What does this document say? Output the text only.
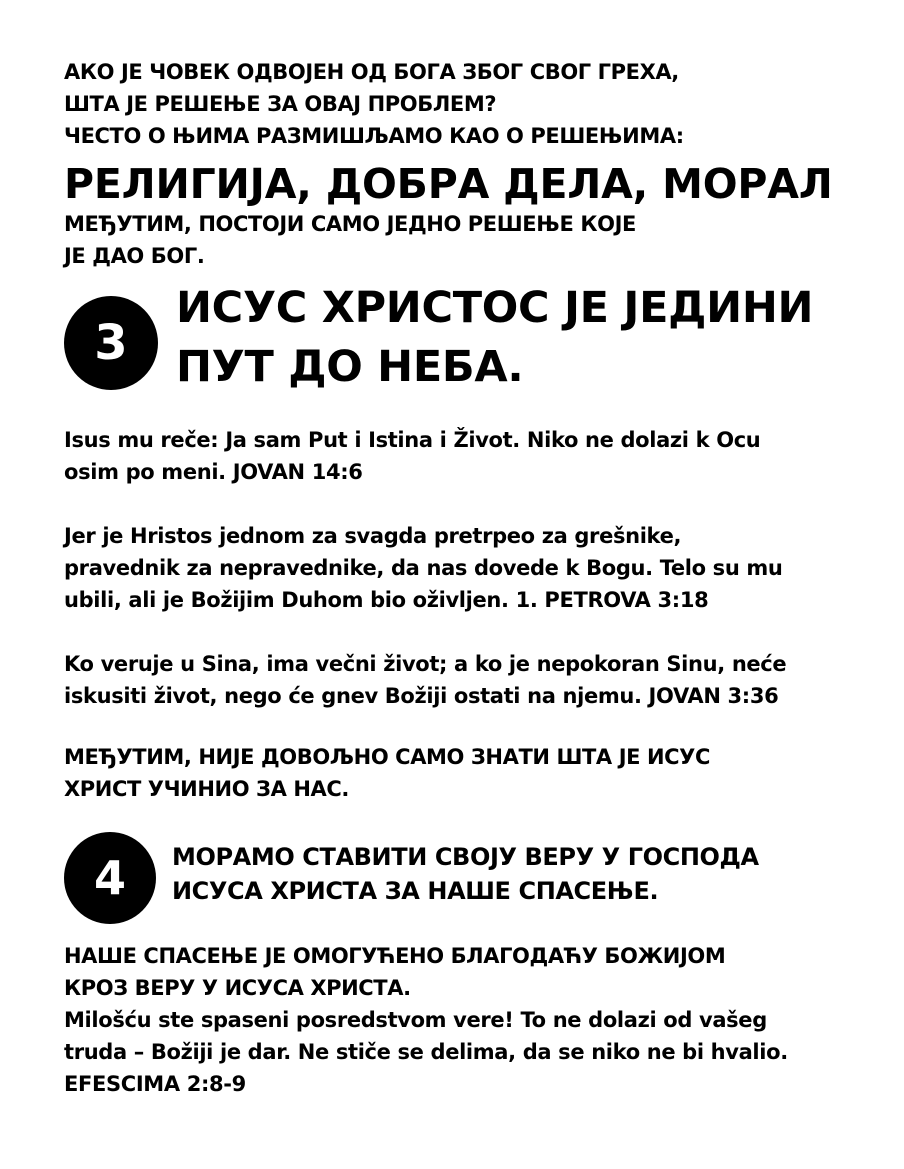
АКО ЈЕ ЧОВЕК ОДВОЈЕН ОД БОГА ЗБОГ СВОГ ГРЕХА,
ШТА ЈЕ РЕШЕЊЕ ЗА ОВАЈ ПРОБЛЕМ?
ЧЕСТО О ЊИМА РАЗМИШЉАМО КАО О РЕШЕЊИМА:
РЕЛИГИЈА, ДОБРА ДЕЛА, МОРАЛ
МЕЂУТИМ, ПОСТОЈИ САМО ЈЕДНО РЕШЕЊЕ КОЈЕ
ЈЕ ДАО БОГ.
3
ИСУС ХРИСТОС ЈЕ ЈЕДИНИ
ПУТ ДО НЕБА.
Isus mu reče: Ja sam Put i Istina i Život. Niko ne dolazi k Ocu
osim po meni. JOVAN 14:6
Jer je Hristos jednom za svagda pretrpeo za grešnike,
pravednik za nepravednike, da nas dovede k Bogu. Telo su mu
ubili, ali je Božijim Duhom bio oživljen. 1. PETROVA 3:18
Ko veruje u Sina, ima večni život; a ko je nepokoran Sinu, neće
iskusiti život, nego će gnev Božiji ostati na njemu. JOVAN 3:36
МЕЂУТИМ, НИЈЕ ДОВОЉНО САМО ЗНАТИ ШТА ЈЕ ИСУС
ХРИСТ УЧИНИО ЗА НАС.
4 МОРАМО СТАВИТИ СВОЈУ ВЕРУ У ГОСПОДА
ИСУСА ХРИСТА ЗА НАШЕ СПАСЕЊЕ.
НАШЕ СПАСЕЊЕ ЈЕ ОМОГУЋЕНО БЛАГОДАЋУ БОЖИЈОМ
КРОЗ ВЕРУ У ИСУСА ХРИСТА.
Milošću ste spaseni posredstvom vere! To ne dolazi od vašeg
truda – Božiji je dar. Ne stiče se delima, da se niko ne bi hvalio.
EFESCIMA 2:8-9
